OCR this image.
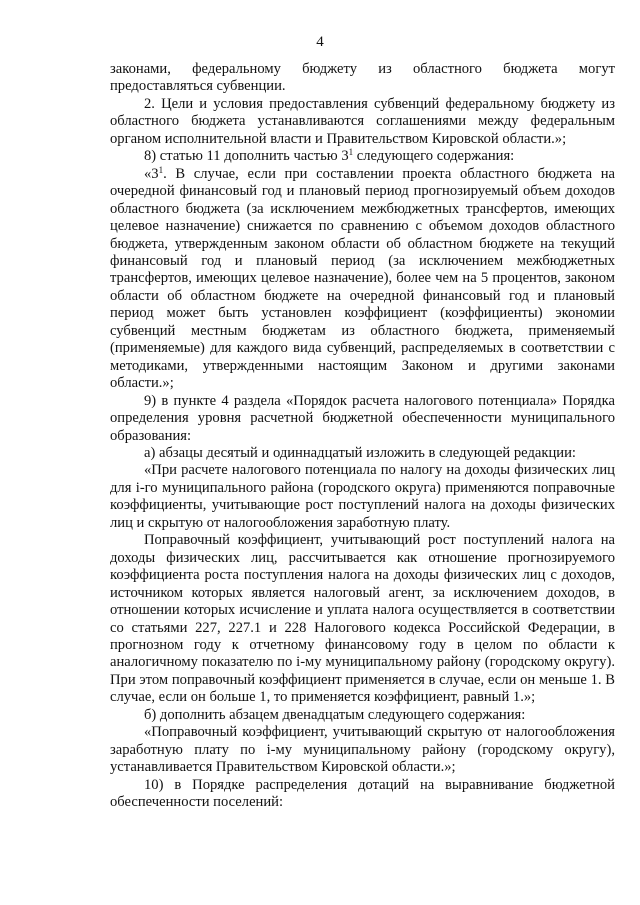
4

законами, федеральному бюджету из областного бюджета могут предоставляться субвенции.

2. Цели и условия предоставления субвенций федеральному бюджету из областного бюджета устанавливаются соглашениями между федеральным органом исполнительной власти и Правительством Кировской области.»;

8) статью 11 дополнить частью $3^1$ следующего содержания:

«$3^1$. В случае, если при составлении проекта областного бюджета на очередной финансовый год и плановый период прогнозируемый объем доходов областного бюджета (за исключением межбюджетных трансфертов, имеющих целевое назначение) снижается по сравнению с объемом доходов областного бюджета, утвержденным законом области об областном бюджете на текущий финансовый год и плановый период (за исключением межбюджетных трансфертов, имеющих целевое назначение), более чем на 5 процентов, законом области об областном бюджете на очередной финансовый год и плановый период может быть установлен коэффициент (коэффициенты) экономии субвенций местным бюджетам из областного бюджета, применяемый (применяемые) для каждого вида субвенций, распределяемых в соответствии с методиками, утвержденными настоящим Законом и другими законами области.»;

9) в пункте 4 раздела «Порядок расчета налогового потенциала» Порядка определения уровня расчетной бюджетной обеспеченности муниципального образования:

а) абзацы десятый и одиннадцатый изложить в следующей редакции:

«При расчете налогового потенциала по налогу на доходы физических лиц для i-го муниципального района (городского округа) применяются поправочные коэффициенты, учитывающие рост поступлений налога на доходы физических лиц и скрытую от налогообложения заработную плату.

Поправочный коэффициент, учитывающий рост поступлений налога на доходы физических лиц, рассчитывается как отношение прогнозируемого коэффициента роста поступления налога на доходы физических лиц с доходов, источником которых является налоговый агент, за исключением доходов, в отношении которых исчисление и уплата налога осуществляется в соответствии со статьями 227, 227.1 и 228 Налогового кодекса Российской Федерации, в прогнозном году к отчетному финансовому году в целом по области к аналогичному показателю по i-му муниципальному району (городскому округу). При этом поправочный коэффициент применяется в случае, если он меньше 1. В случае, если он больше 1, то применяется коэффициент, равный 1.»;

б) дополнить абзацем двенадцатым следующего содержания:

«Поправочный коэффициент, учитывающий скрытую от налогообложения заработную плату по i-му муниципальному району (городскому округу), устанавливается Правительством Кировской области.»;

10) в Порядке распределения дотаций на выравнивание бюджетной обеспеченности поселений:
